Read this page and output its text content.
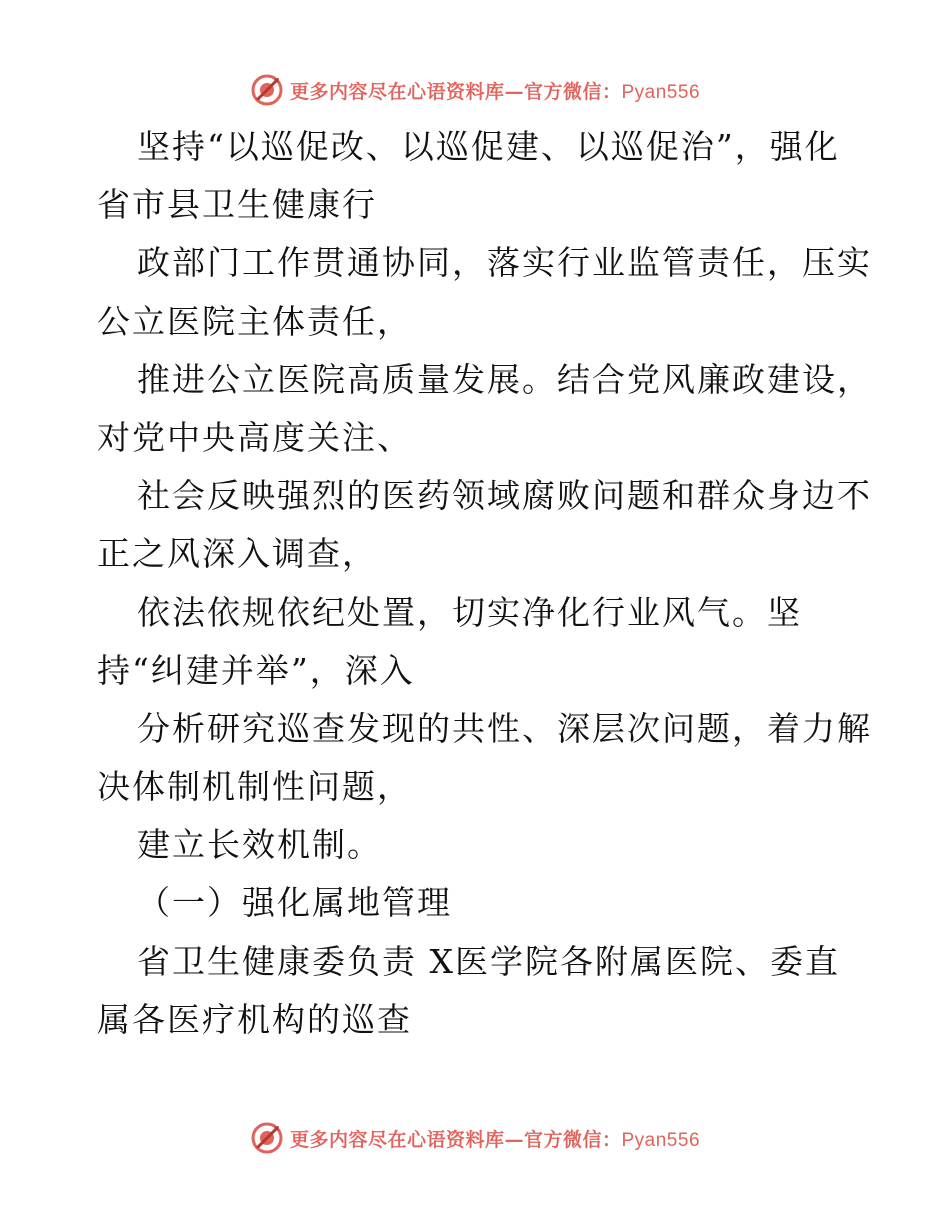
更多内容尽在心语资料库—官方微信：Pyan556
坚持“以巡促改、以巡促建、以巡促治”，强化
省市县卫生健康行
政部门工作贯通协同，落实行业监管责任，压实
公立医院主体责任，
推进公立医院高质量发展。结合党风廉政建设，
对党中央高度关注、
社会反映强烈的医药领域腐败问题和群众身边不
正之风深入调查，
依法依规依纪处置，切实净化行业风气。坚
持“纠建并举”，深入
分析研究巡查发现的共性、深层次问题，着力解
决体制机制性问题，
建立长效机制。
（一）强化属地管理
省卫生健康委负责 X医学院各附属医院、委直
属各医疗机构的巡查
更多内容尽在心语资料库—官方微信：Pyan556
